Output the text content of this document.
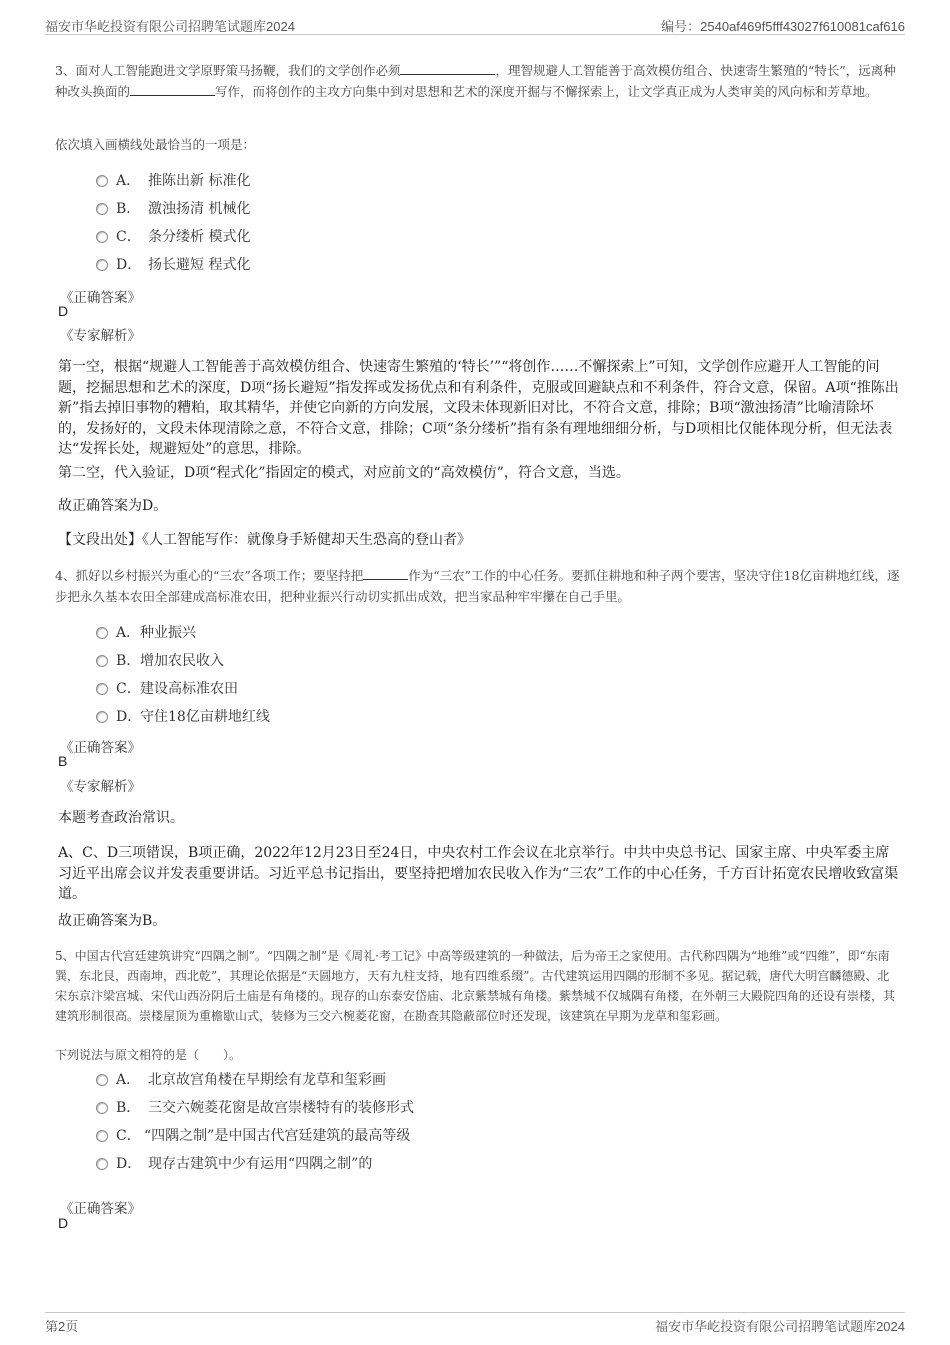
福安市华屹投资有限公司招聘笔试题库2024	编号：2540af469f5fff43027f610081caf616
3、面对人工智能跑进文学原野策马扬鞭，我们的文学创作必须	，理智规避人工智能善于高效模仿组合、快速寄生繁殖的“特长”，远离种种改头换面的	写作，而将创作的主攻方向集中到对思想和艺术的深度开掘与不懈探索上，让文学真正成为人类审美的风向标和芳草地。
依次填入画横线处最恰当的一项是：
A． 推陈出新 标准化
B． 激浊扬清 机械化
C． 条分缕析 模式化
D． 扬长避短 程式化
《正确答案》
D
《专家解析》
第一空，根据“规避人工智能善于高效模仿组合、快速寄生繁殖的‘特长’”“将创作……不懈探索上”可知，文学创作应避开人工智能的问题，挖掘思想和艺术的深度，D项“扬长避短”指发挥或发扬优点和有利条件，克服或回避缺点和不利条件，符合文意，保留。A项“推陈出新”指去掉旧事物的糟粕，取其精华，并使它向新的方向发展，文段未体现新旧对比，不符合文意，排除；B项“激浊扬清”比喻清除坏的，发扬好的，文段未体现清除之意，不符合文意，排除；C项“条分缕析”指有条有理地细细分析，与D项相比仅能体现分析，但无法表达“发挥长处，规避短处”的意思，排除。
第二空，代入验证，D项“程式化”指固定的模式，对应前文的“高效模仿”，符合文意，当选。
故正确答案为D。
【文段出处】《人工智能写作：就像身手矫健却天生恐高的登山者》
4、抓好以乡村振兴为重心的“三农”各项工作；要坚持把	作为“三农”工作的中心任务。要抓住耕地和种子两个要害，坚决守住18亿亩耕地红线，逐步把永久基本农田全部建成高标准农田，把种业振兴行动切实抓出成效，把当家品种牢牢攥在自己手里。
A．种业振兴
B．增加农民收入
C．建设高标准农田
D．守住18亿亩耕地红线
《正确答案》
B
《专家解析》
本题考查政治常识。
A、C、D三项错误，B项正确，2022年12月23日至24日，中央农村工作会议在北京举行。中共中央总书记、国家主席、中央军委主席习近平出席会议并发表重要讲话。习近平总书记指出，要坚持把增加农民收入作为“三农”工作的中心任务，千方百计拓宽农民增收致富渠道。
故正确答案为B。
5、中国古代宫廷建筑讲究“四隅之制”。“四隅之制”是《周礼·考工记》中高等级建筑的一种做法，后为帝王之家使用。古代称四隅为“地维”或“四维”，即“东南巽，东北艮，西南坤，西北乾”，其理论依据是“天圆地方，天有九柱支持，地有四维系缀”。古代建筑运用四隅的形制不多见。据记载，唐代大明宫麟德殿、北宋东京汴梁宫城、宋代山西汾阴后土庙是有角楼的。现存的山东泰安岱庙、北京紫禁城有角楼。紫禁城不仅城隅有角楼，在外朝三大殿院四角的还设有崇楼，其建筑形制很高。崇楼屋顶为重檐歇山式，装修为三交六椀菱花窗，在勘查其隐蔽部位时还发现，该建筑在早期为龙草和玺彩画。
下列说法与原文相符的是（　　）。
A． 北京故宫角楼在早期绘有龙草和玺彩画
B． 三交六婉菱花窗是故宫崇楼特有的装修形式
C． “四隅之制”是中国古代宫廷建筑的最高等级
D． 现存古建筑中少有运用“四隅之制”的
《正确答案》
D
第2页	福安市华屹投资有限公司招聘笔试题库2024
